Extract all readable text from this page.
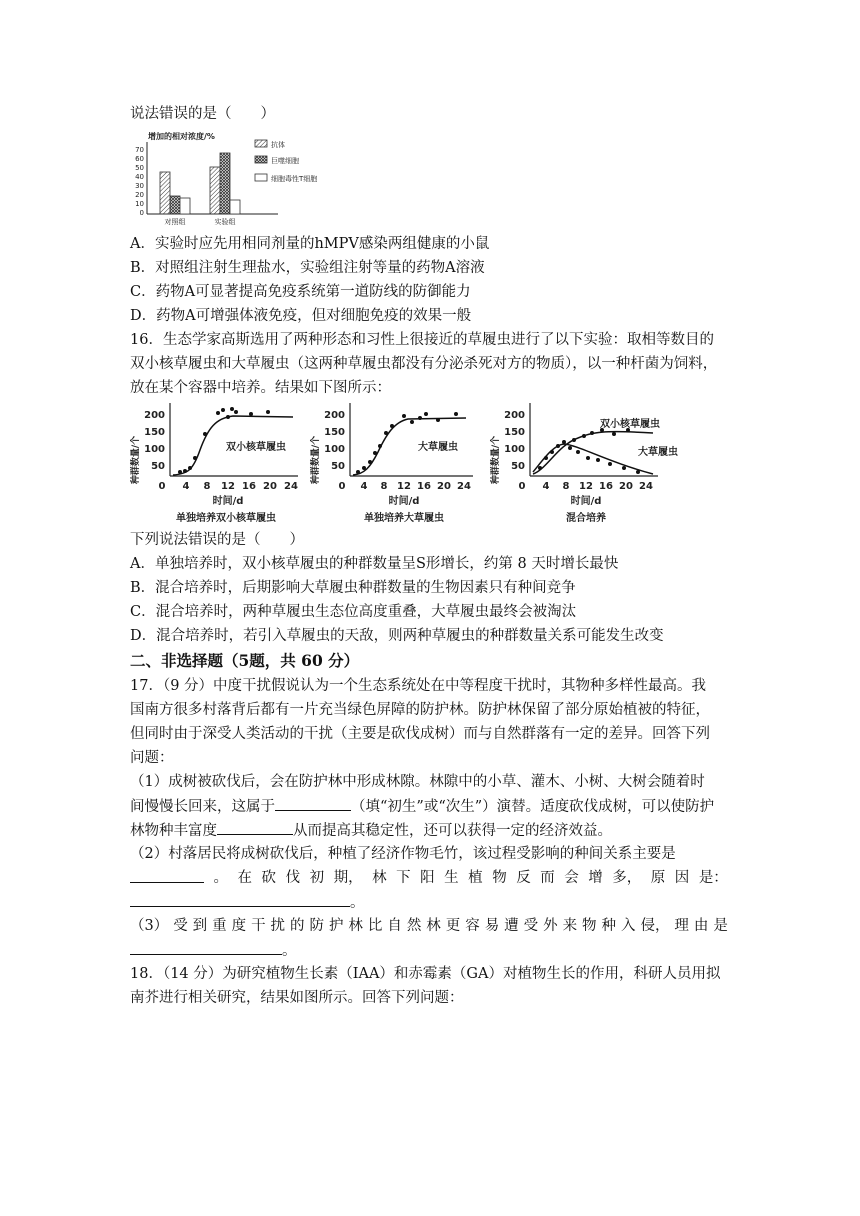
说法错误的是（　　）
增加的相对浓度/%
70
60
50
40
30
20
10
0
对照组	实验组
抗体
巨噬细胞
细胞毒性T细胞
A．实验时应先用相同剂量的hMPV感染两组健康的小鼠
B．对照组注射生理盐水，实验组注射等量的药物A溶液
C．药物A可显著提高免疫系统第一道防线的防御能力
D．药物A可增强体液免疫，但对细胞免疫的效果一般
16．生态学家高斯选用了两种形态和习性上很接近的草履虫进行了以下实验：取相等数目的
双小核草履虫和大草履虫（这两种草履虫都没有分泌杀死对方的物质），以一种杆菌为饲料，
放在某个容器中培养。结果如下图所示：
种群数量/个
200
150
100
50
0 4 8 12 16 20 24
时间/d
单独培养双小核草履虫
双小核草履虫	种群数量/个
200
150
100
50
0 4 8 12 16 20 24
时间/d
单独培养大草履虫
大草履虫	种群数量/个
200
150
100
50
0 4 8 12 16 20 24
时间/d
混合培养
双小核草履虫
大草履虫
下列说法错误的是（　　）
A．单独培养时，双小核草履虫的种群数量呈S形增长，约第 8 天时增长最快
B．混合培养时，后期影响大草履虫种群数量的生物因素只有种间竞争
C．混合培养时，两种草履虫生态位高度重叠，大草履虫最终会被淘汰
D．混合培养时，若引入草履虫的天敌，则两种草履虫的种群数量关系可能发生改变
二、非选择题（5题，共 60 分）
17．（9 分）中度干扰假说认为一个生态系统处在中等程度干扰时，其物种多样性最高。我
国南方很多村落背后都有一片充当绿色屏障的防护林。防护林保留了部分原始植被的特征，
但同时由于深受人类活动的干扰（主要是砍伐成树）而与自然群落有一定的差异。回答下列
问题：
（1）成树被砍伐后，会在防护林中形成林隙。林隙中的小草、灌木、小树、大树会随着时
间慢慢长回来，这属于	（填“初生”或“次生”）演替。适度砍伐成树，可以使防护
林物种丰富度	从而提高其稳定性，还可以获得一定的经济效益。
（2）村落居民将成树砍伐后，种植了经济作物毛竹，该过程受影响的种间关系主要是
。 在 砍 伐 初 期， 林 下 阳 生 植 物 反 而 会 增 多， 原 因 是：
。
（3） 受 到 重 度 干 扰 的 防 护 林 比 自 然 林 更 容 易 遭 受 外 来 物 种 入 侵， 理 由 是
。
18．（14 分）为研究植物生长素（IAA）和赤霉素（GA）对植物生长的作用，科研人员用拟
南芥进行相关研究，结果如图所示。回答下列问题：
